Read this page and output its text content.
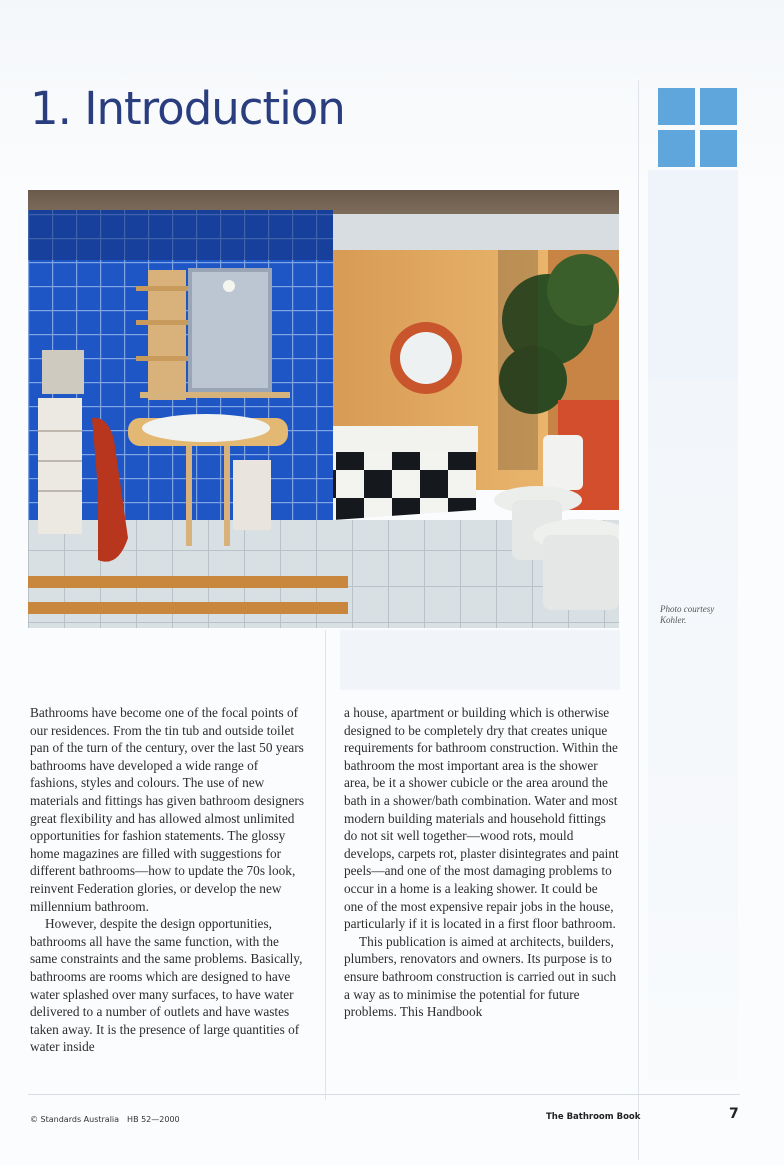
1. Introduction
Photo courtesy Kohler.

Bathrooms have become one of the focal points of our residences. From the tin tub and outside toilet pan of the turn of the century, over the last 50 years bathrooms have developed a wide range of fashions, styles and colours. The use of new materials and fittings has given bathroom designers great flexibility and has allowed almost unlimited opportunities for fashion statements. The glossy home magazines are filled with suggestions for different bathrooms—how to update the 70s look, reinvent Federation glories, or develop the new millennium bathroom.

However, despite the design opportunities, bathrooms all have the same function, with the same constraints and the same problems. Basically, bathrooms are rooms which are designed to have water splashed over many surfaces, to have water delivered to a number of outlets and have wastes taken away. It is the presence of large quantities of water inside

a house, apartment or building which is otherwise designed to be completely dry that creates unique requirements for bathroom construction. Within the bathroom the most important area is the shower area, be it a shower cubicle or the area around the bath in a shower/bath combination. Water and most modern building materials and household fittings do not sit well together—wood rots, mould develops, carpets rot, plaster disintegrates and paint peels—and one of the most damaging problems to occur in a home is a leaking shower. It could be one of the most expensive repair jobs in the house, particularly if it is located in a first floor bathroom.

This publication is aimed at architects, builders, plumbers, renovators and owners. Its purpose is to ensure bathroom construction is carried out in such a way as to minimise the potential for future problems. This Handbook

© Standards Australia HB 52—2000	The Bathroom Book	7
